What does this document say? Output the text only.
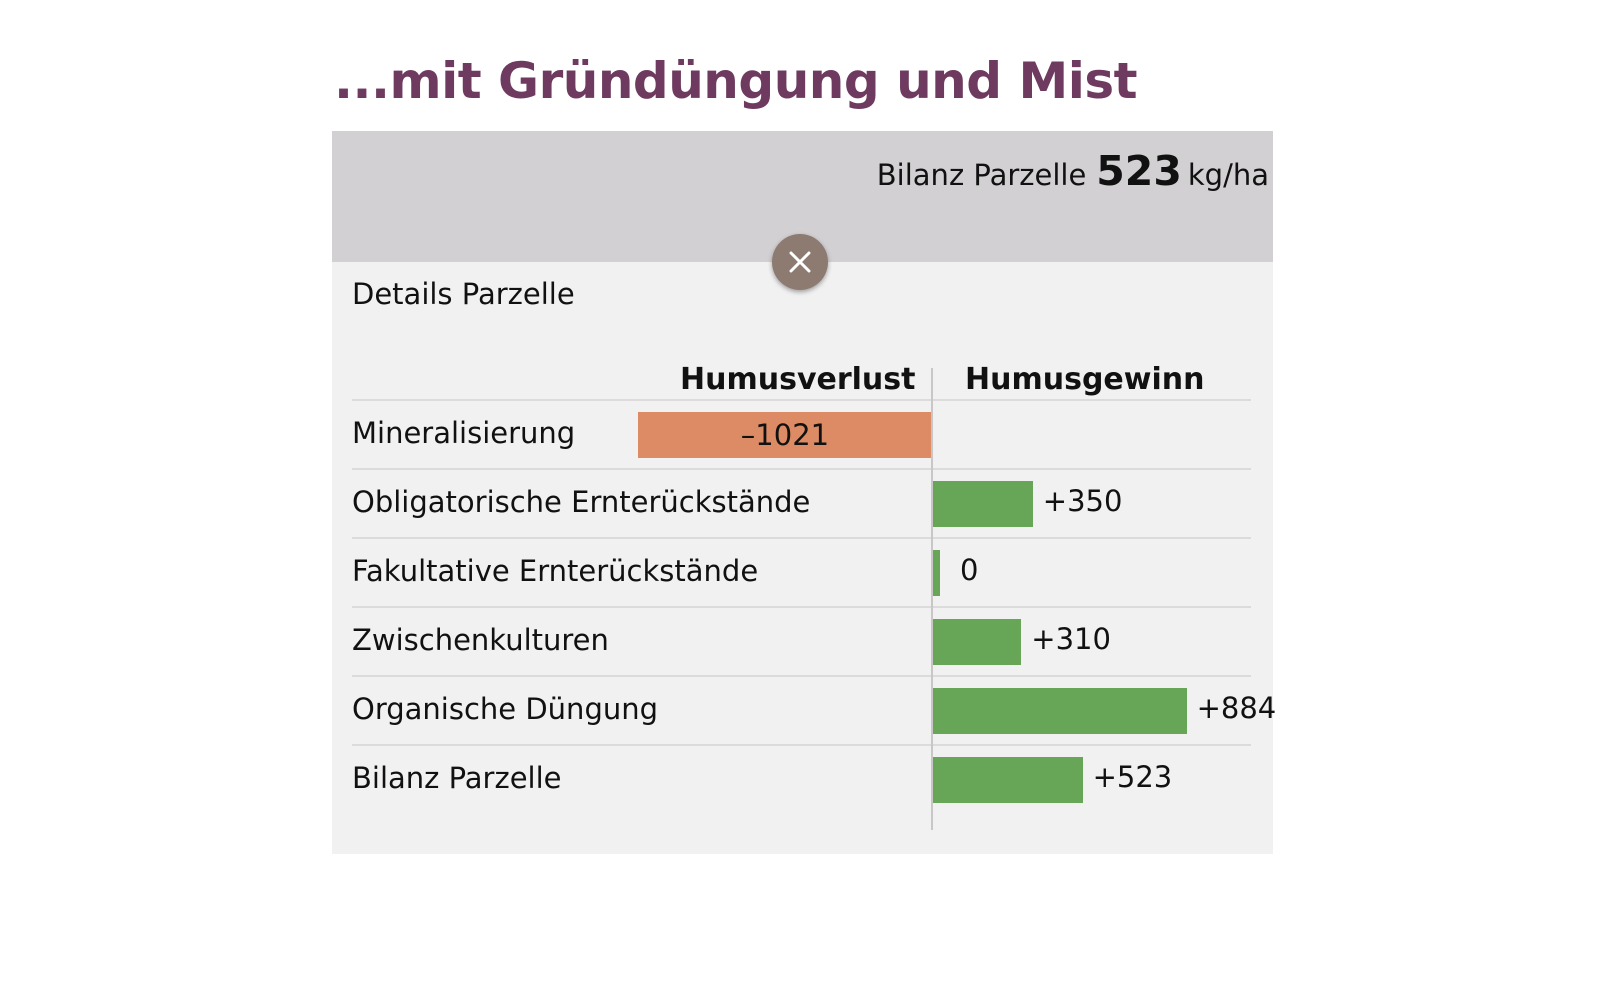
...mit Gründüngung und Mist
Bilanz Parzelle 523 kg/ha
Details Parzelle
Humusverlust Humusgewinn
Mineralisierung	–1021
Obligatorische Ernterückstände	+350
Fakultative Ernterückstände	0
Zwischenkulturen	+310
Organische Düngung	+884
Bilanz Parzelle	+523
